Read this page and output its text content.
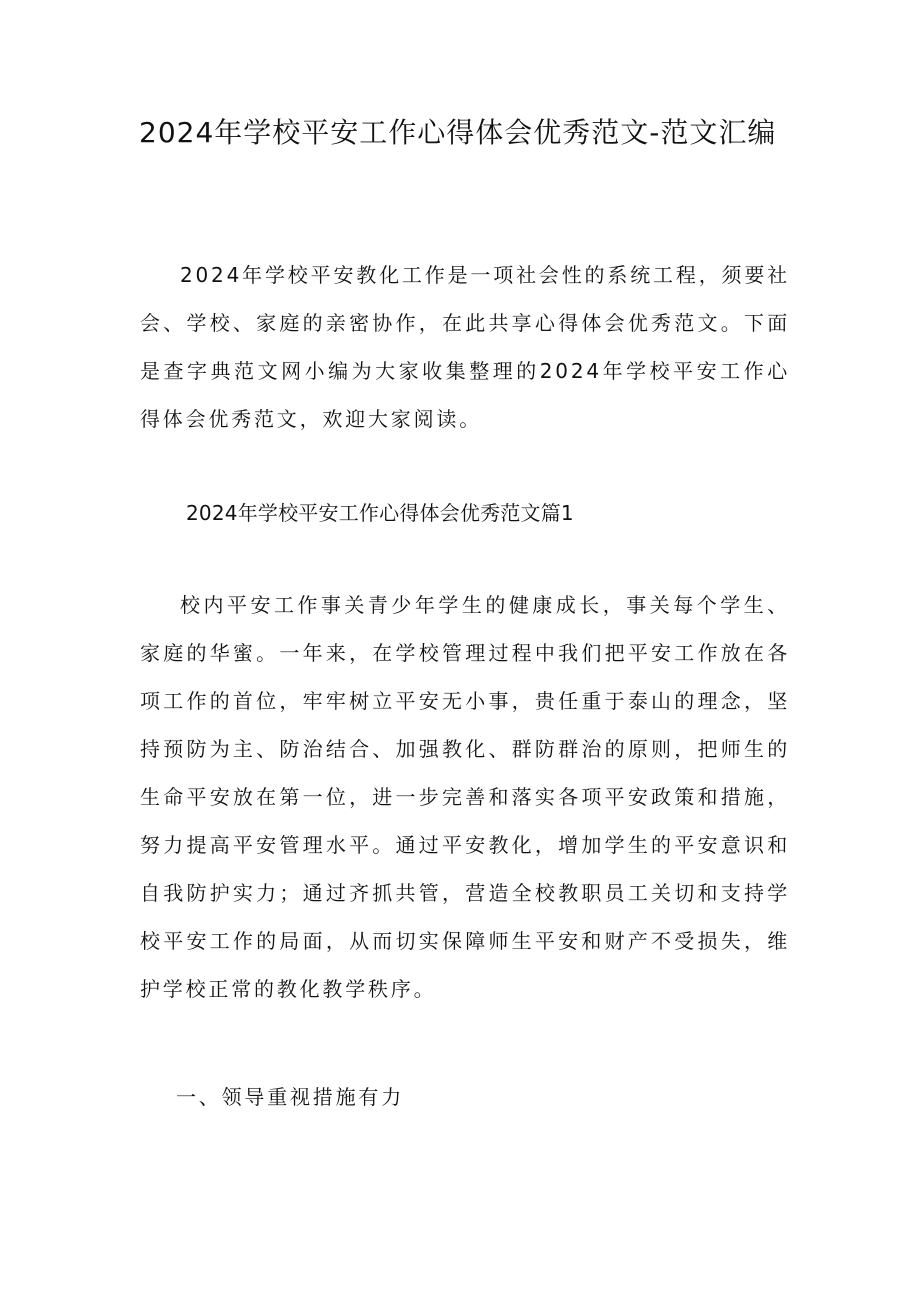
2024年学校平安工作心得体会优秀范文-范文汇编

2024年学校平安教化工作是一项社会性的系统工程，须要社会、学校、家庭的亲密协作，在此共享心得体会优秀范文。下面是查字典范文网小编为大家收集整理的2024年学校平安工作心得体会优秀范文，欢迎大家阅读。

2024年学校平安工作心得体会优秀范文篇1

校内平安工作事关青少年学生的健康成长，事关每个学生、家庭的华蜜。一年来，在学校管理过程中我们把平安工作放在各项工作的首位，牢牢树立平安无小事，贵任重于泰山的理念，坚持预防为主、防治结合、加强教化、群防群治的原则，把师生的生命平安放在第一位，进一步完善和落实各项平安政策和措施，努力提高平安管理水平。通过平安教化，增加学生的平安意识和自我防护实力；通过齐抓共管，营造全校教职员工关切和支持学校平安工作的局面，从而切实保障师生平安和财产不受损失，维护学校正常的教化教学秩序。

一、领导重视措施有力
